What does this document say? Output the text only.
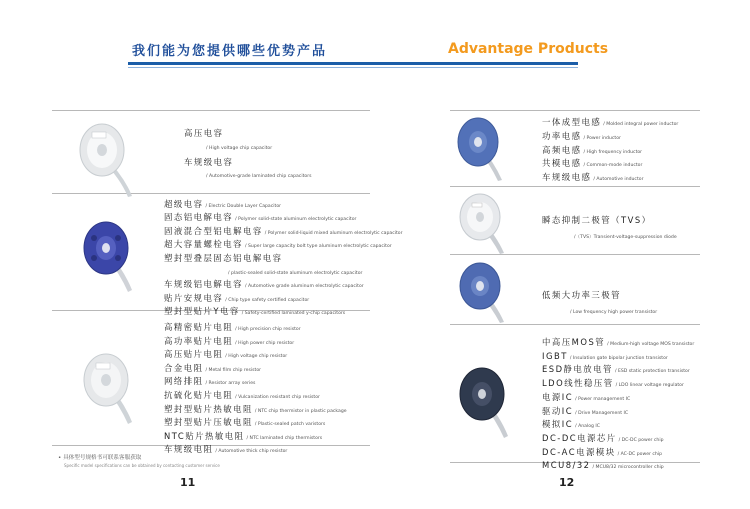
我们能为您提供哪些优势产品	Advantage Products
高压电容
/ High voltage chip capacitor
车规级电容
/ Automotive-grade laminated chip capacitors
超级电容 / Electric Double Layer Capacitor
固态铝电解电容 / Polymer solid-state aluminum electrolytic capacitor
固液混合型铝电解电容 / Polymer solid-liquid mixed aluminum electrolytic capacitor
超大容量螺栓电容 / Super large capacity bolt type aluminum electrolytic capacitor
塑封型叠层固态铝电解电容
/ plastic-sealed solid-state aluminum electrolytic capacitor
车规级铝电解电容 / Automotive grade aluminum electrolytic capacitor
贴片安规电容 / Chip type safety certified capacitor
塑封型贴片Y电容 / Safety-certified laminated y-chip capacitors
高精密贴片电阻 / High precision chip resistor
高功率贴片电阻 / High power chip resistor
高压贴片电阻 / High voltage chip resistor
合金电阻 / Metal film chip resistor
网络排阻 / Resistor array series
抗硫化贴片电阻 / Vulcanization resistant chip resistor
塑封型贴片热敏电阻 / NTC chip thermistor in plastic package
塑封型贴片压敏电阻 / Plastic-sealed patch varistors
NTC贴片热敏电阻 / NTC laminated chip thermistors
车规级电阻 / Automotive thick chip resistor
• 具体型号规格书可联系客服获取
Specific model specifications can be obtained by contacting customer service
一体成型电感 / Molded integral power inductor
功率电感 / Power inductor
高频电感 / High frequency inductor
共模电感 / Common-mode inductor
车规级电感 / Automotive inductor
瞬态抑制二极管（TVS）
/（TVS）Transient-voltage-suppression diode
低频大功率三极管
/ Low frequency high power transistor
中高压MOS管 / Medium-high voltage MOS transistor
IGBT / Insulation gate bipolar junction transistor
ESD静电放电管 / ESD static protection transistor
LDO线性稳压管 / LDO linear voltage regulator
电源IC / Power management IC
驱动IC / Drive Management IC
模拟IC / Analog IC
DC-DC电源芯片 / DC-DC power chip
DC-AC电源模块 / AC-DC power chip
MCU8/32 / MCU8/32 microcontroller chip
11	12
